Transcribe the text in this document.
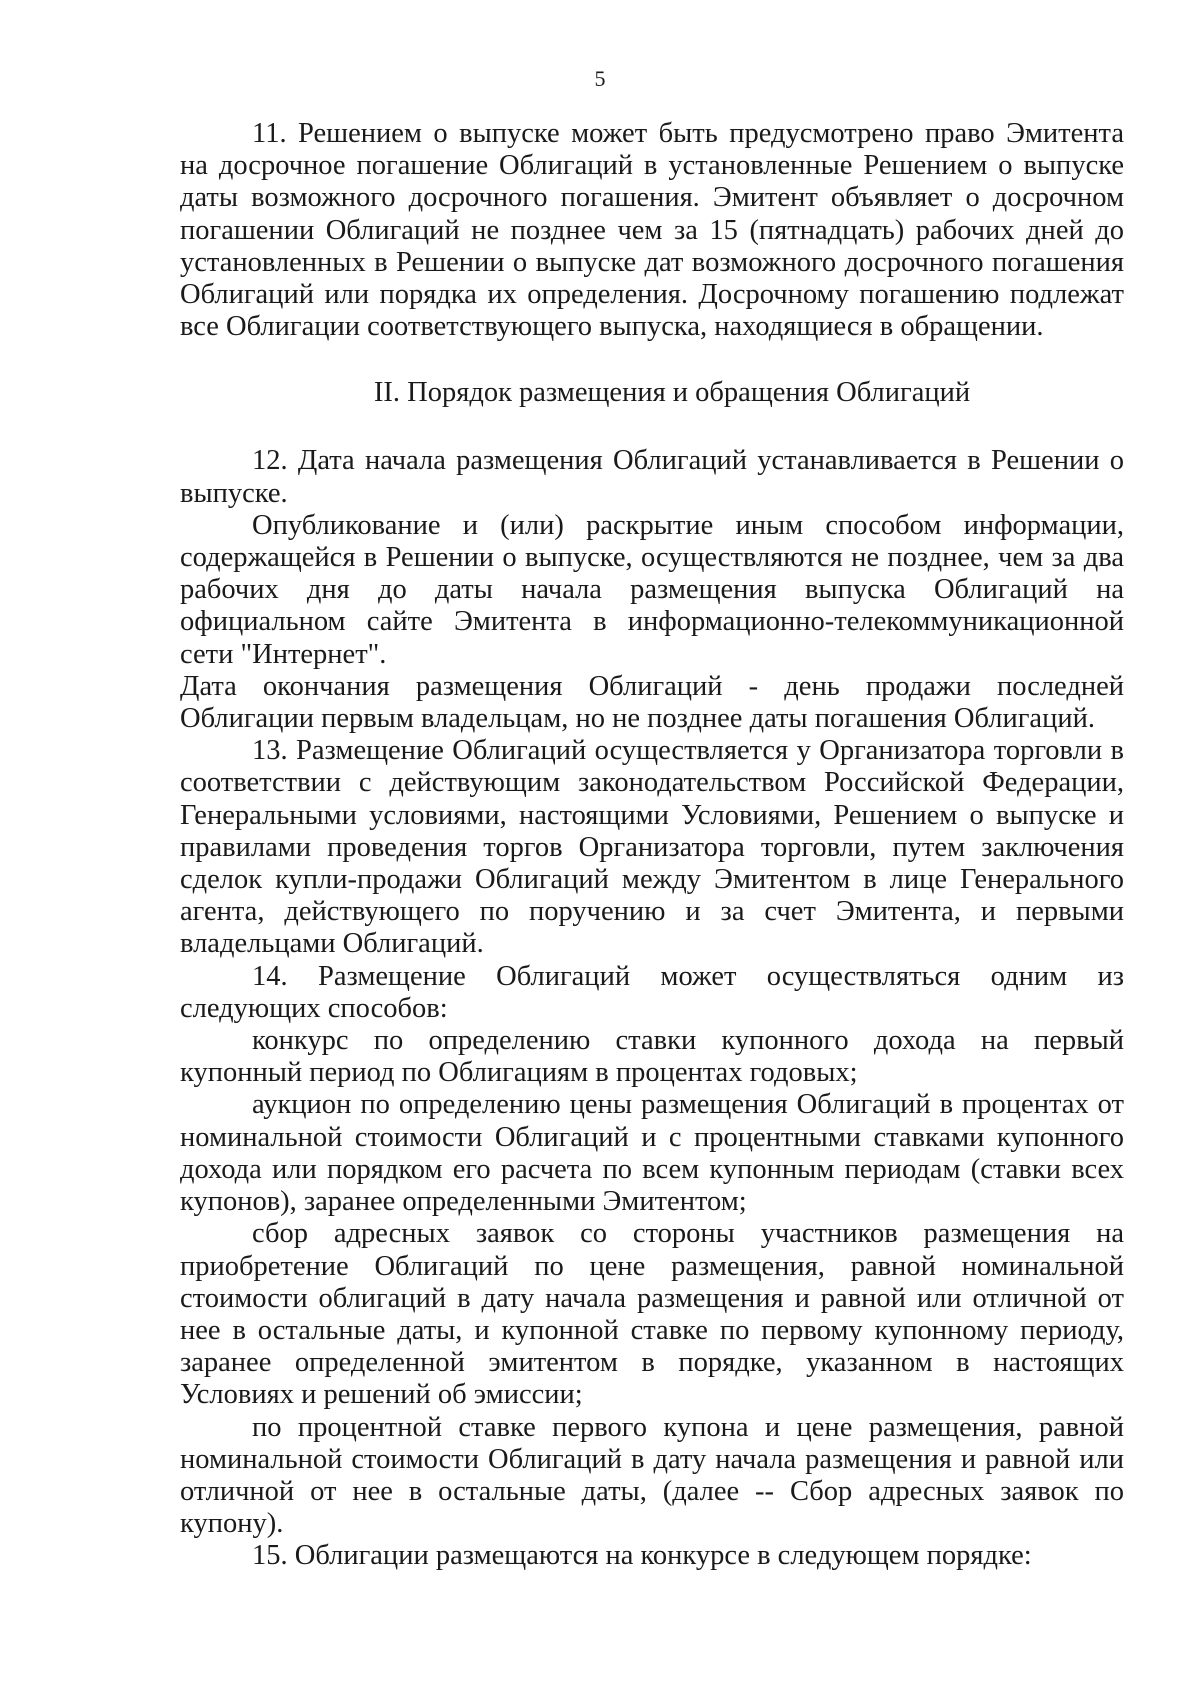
5

11. Решением о выпуске может быть предусмотрено право Эмитента на досрочное погашение Облигаций в установленные Решением о выпуске даты возможного досрочного погашения. Эмитент объявляет о досрочном погашении Облигаций не позднее чем за 15 (пятнадцать) рабочих дней до установленных в Решении о выпуске дат возможного досрочного погашения Облигаций или порядка их определения. Досрочному погашению подлежат все Облигации соответствующего выпуска, находящиеся в обращении.

II. Порядок размещения и обращения Облигаций

12. Дата начала размещения Облигаций устанавливается в Решении о выпуске.

Опубликование и (или) раскрытие иным способом информации, содержащейся в Решении о выпуске, осуществляются не позднее, чем за два рабочих дня до даты начала размещения выпуска Облигаций на официальном сайте Эмитента в информационно-телекоммуникационной сети "Интернет".

Дата окончания размещения Облигаций - день продажи последней Облигации первым владельцам, но не позднее даты погашения Облигаций.

13. Размещение Облигаций осуществляется у Организатора торговли в соответствии с действующим законодательством Российской Федерации, Генеральными условиями, настоящими Условиями, Решением о выпуске и правилами проведения торгов Организатора торговли, путем заключения сделок купли-продажи Облигаций между Эмитентом в лице Генерального агента, действующего по поручению и за счет Эмитента, и первыми владельцами Облигаций.

14. Размещение Облигаций может осуществляться одним из следующих способов:

конкурс по определению ставки купонного дохода на первый купонный период по Облигациям в процентах годовых;

аукцион по определению цены размещения Облигаций в процентах от номинальной стоимости Облигаций и с процентными ставками купонного дохода или порядком его расчета по всем купонным периодам (ставки всех купонов), заранее определенными Эмитентом;

сбор адресных заявок со стороны участников размещения на приобретение Облигаций по цене размещения, равной номинальной стоимости облигаций в дату начала размещения и равной или отличной от нее в остальные даты, и купонной ставке по первому купонному периоду, заранее определенной эмитентом в порядке, указанном в настоящих Условиях и решений об эмиссии;

по процентной ставке первого купона и цене размещения, равной номинальной стоимости Облигаций в дату начала размещения и равной или отличной от нее в остальные даты, (далее -- Сбор адресных заявок по купону).

15. Облигации размещаются на конкурсе в следующем порядке:
